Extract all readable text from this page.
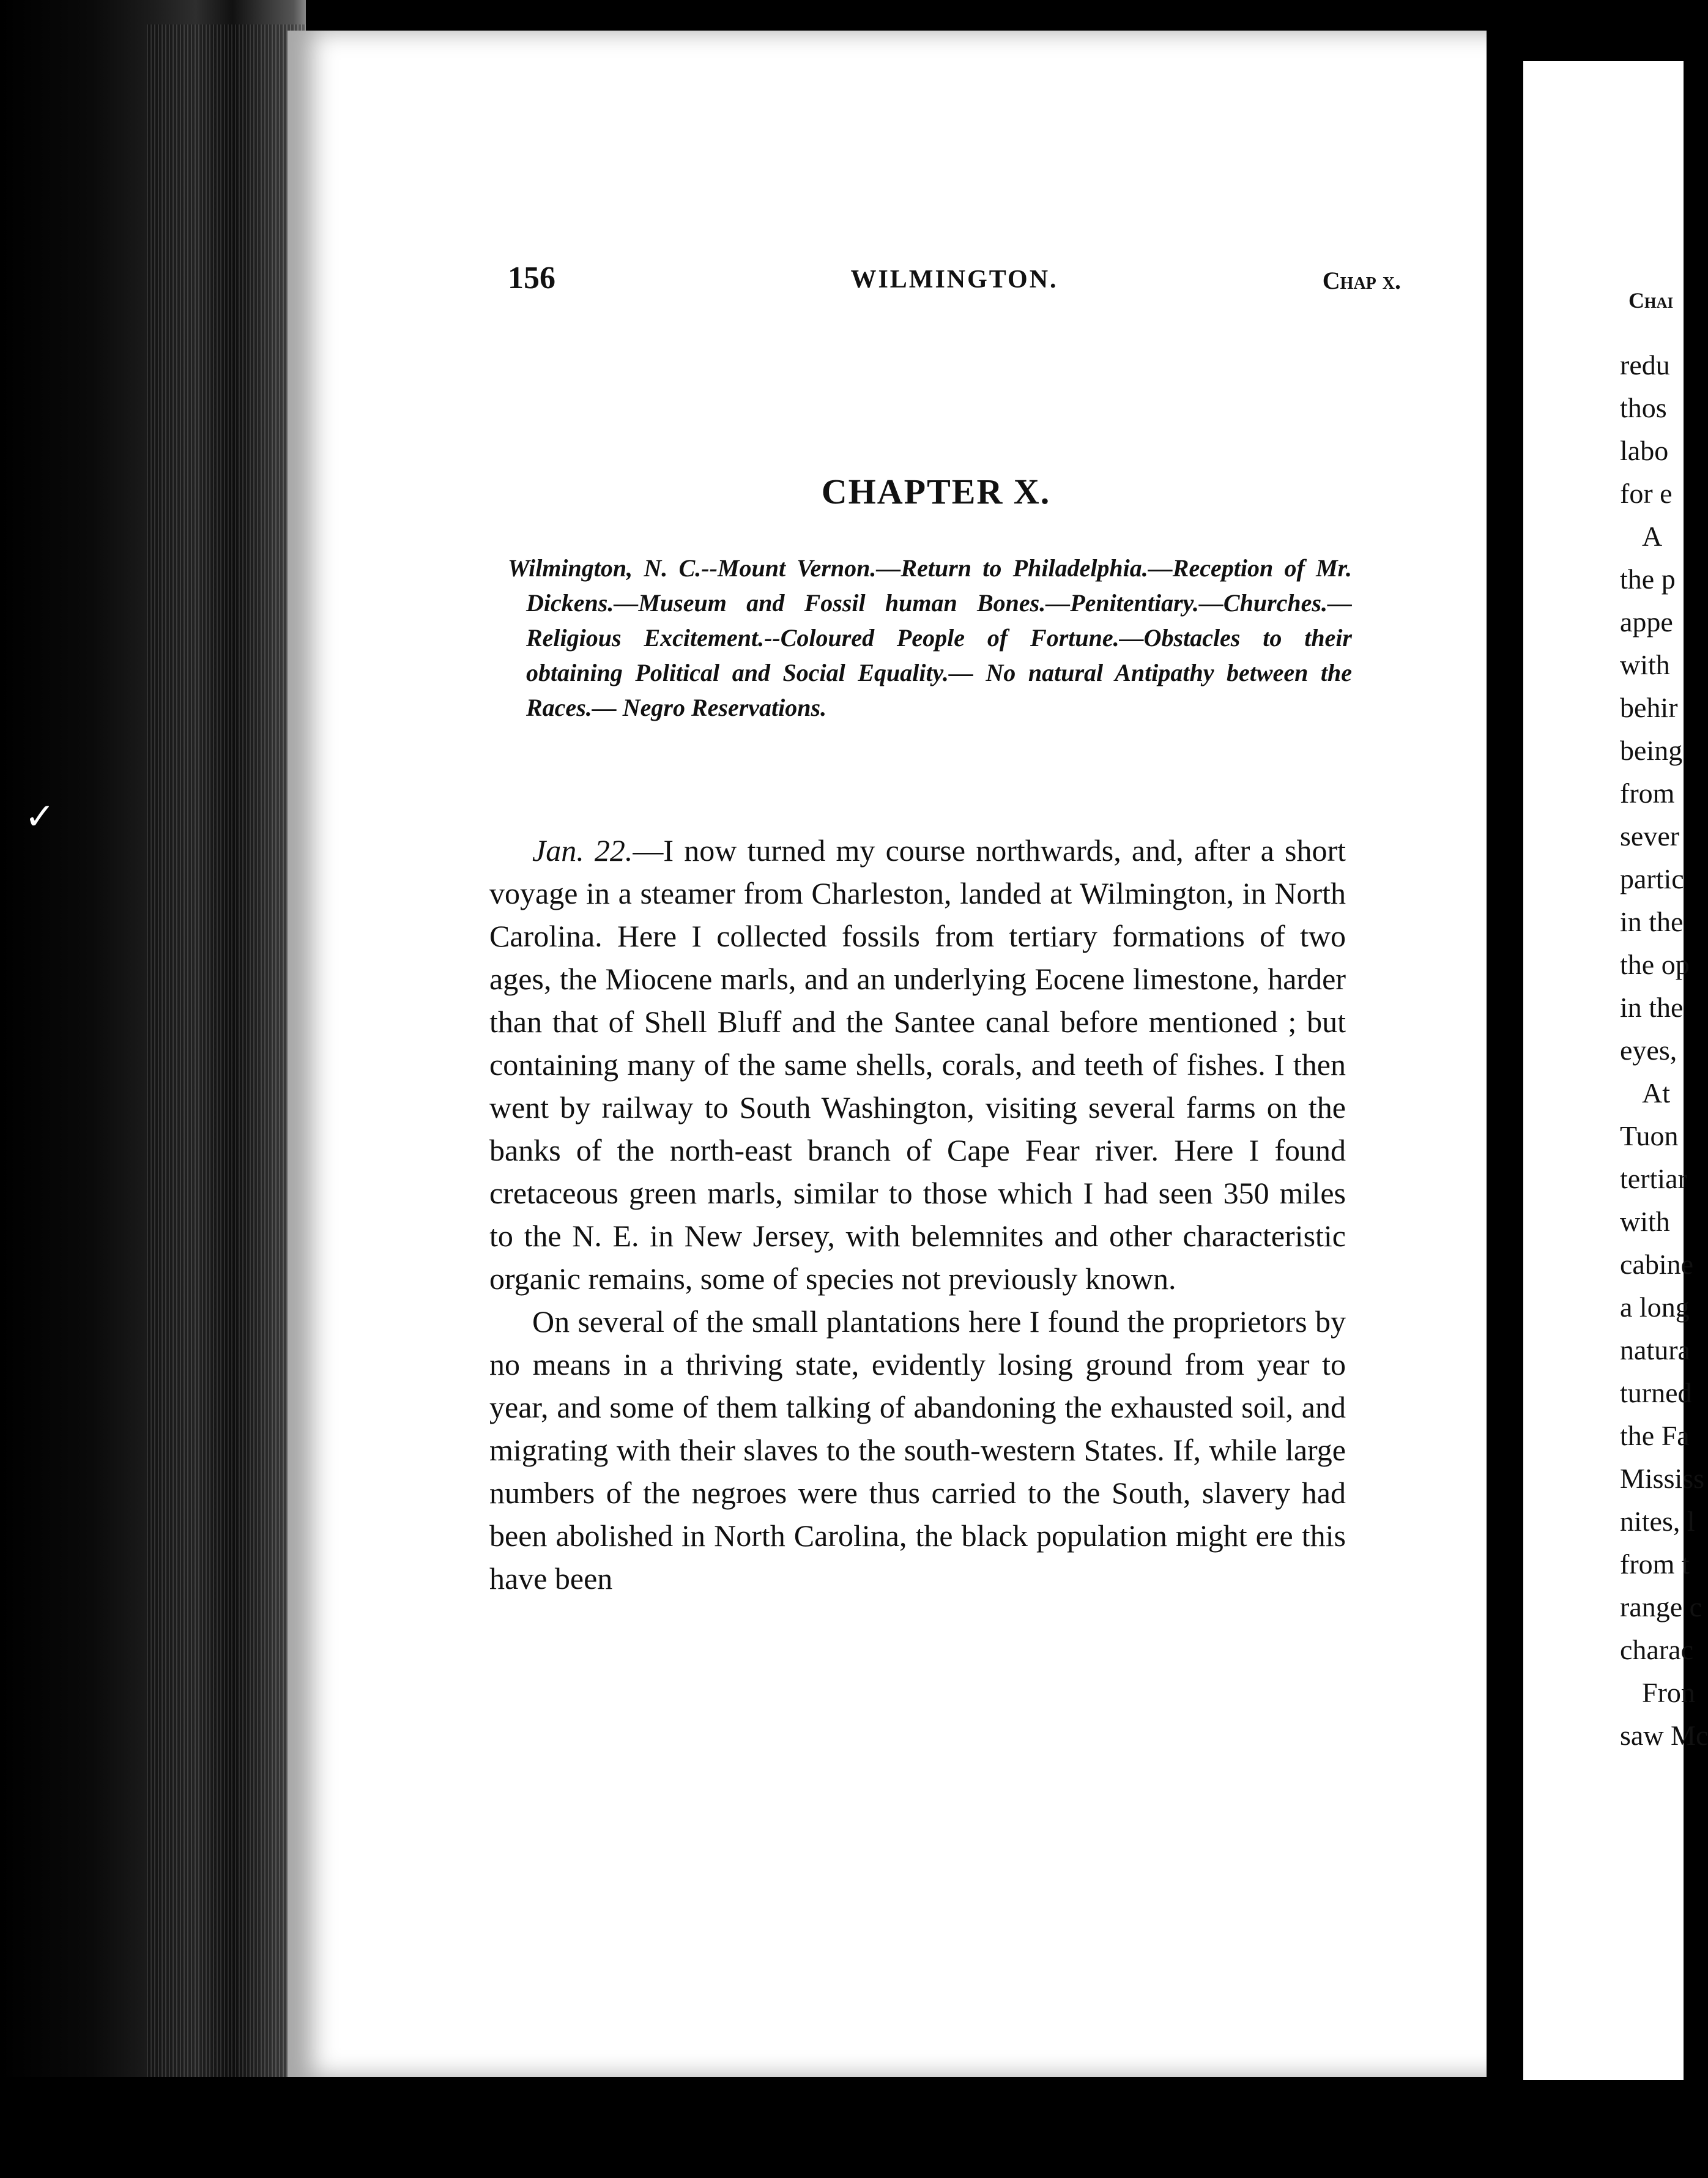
156	WILMINGTON.	Chap x.
CHAPTER X.
Wilmington, N. C.--Mount Vernon.—Return to Philadelphia.—Reception of Mr. Dickens.—Museum and Fossil human Bones.—Penitentiary.—Churches.—Religious Excitement.--Coloured People of Fortune.—Obstacles to their obtaining Political and Social Equality.— No natural Antipathy between the Races.— Negro Reservations.

Jan. 22.—I now turned my course northwards, and, after a short voyage in a steamer from Charleston, landed at Wilmington, in North Carolina. Here I collected fossils from tertiary formations of two ages, the Miocene marls, and an underlying Eocene limestone, harder than that of Shell Bluff and the Santee canal before mentioned ; but containing many of the same shells, corals, and teeth of fishes. I then went by railway to South Washington, visiting several farms on the banks of the north-east branch of Cape Fear river. Here I found cretaceous green marls, similar to those which I had seen 350 miles to the N. E. in New Jersey, with belemnites and other characteristic organic remains, some of species not previously known.

On several of the small plantations here I found the proprietors by no means in a thriving state, evidently losing ground from year to year, and some of them talking of abandoning the exhausted soil, and migrating with their slaves to the south-western States. If, while large numbers of the negroes were thus carried to the South, slavery had been abolished in North Carolina, the black population might ere this have been

Chai
redu
thos
labo
for e
A
the p
appe
with
behir
being
from
sever
partic
in the
the op
in the
eyes,
At
Tuon
tertiar
with
cabine
a long
natura
turned
the Fa
Mississ
nites, l
from t
range c
charac
Fron
saw Mc
✓
